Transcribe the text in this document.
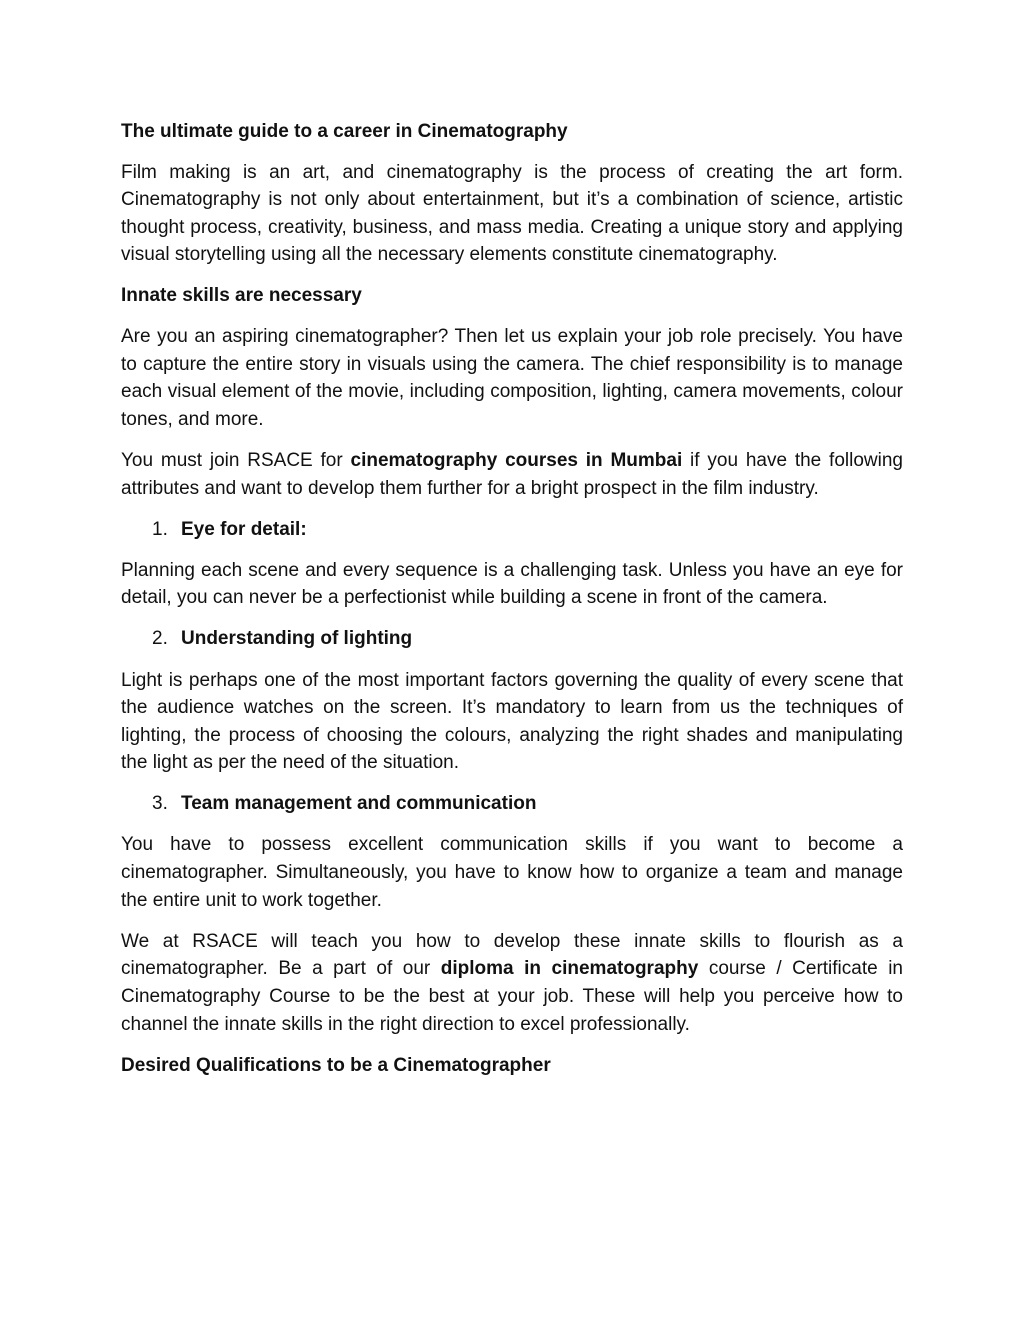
The ultimate guide to a career in Cinematography
Film making is an art, and cinematography is the process of creating the art form. Cinematography is not only about entertainment, but it’s a combination of science, artistic thought process, creativity, business, and mass media. Creating a unique story and applying visual storytelling using all the necessary elements constitute cinematography.
Innate skills are necessary
Are you an aspiring cinematographer? Then let us explain your job role precisely. You have to capture the entire story in visuals using the camera. The chief responsibility is to manage each visual element of the movie, including composition, lighting, camera movements, colour tones, and more.
You must join RSACE for cinematography courses in Mumbai if you have the following attributes and want to develop them further for a bright prospect in the film industry.
1. Eye for detail:
Planning each scene and every sequence is a challenging task. Unless you have an eye for detail, you can never be a perfectionist while building a scene in front of the camera.
2. Understanding of lighting
Light is perhaps one of the most important factors governing the quality of every scene that the audience watches on the screen. It’s mandatory to learn from us the techniques of lighting, the process of choosing the colours, analyzing the right shades and manipulating the light as per the need of the situation.
3. Team management and communication
You have to possess excellent communication skills if you want to become a cinematographer. Simultaneously, you have to know how to organize a team and manage the entire unit to work together.
We at RSACE will teach you how to develop these innate skills to flourish as a cinematographer. Be a part of our diploma in cinematography course / Certificate in Cinematography Course to be the best at your job. These will help you perceive how to channel the innate skills in the right direction to excel professionally.
Desired Qualifications to be a Cinematographer
